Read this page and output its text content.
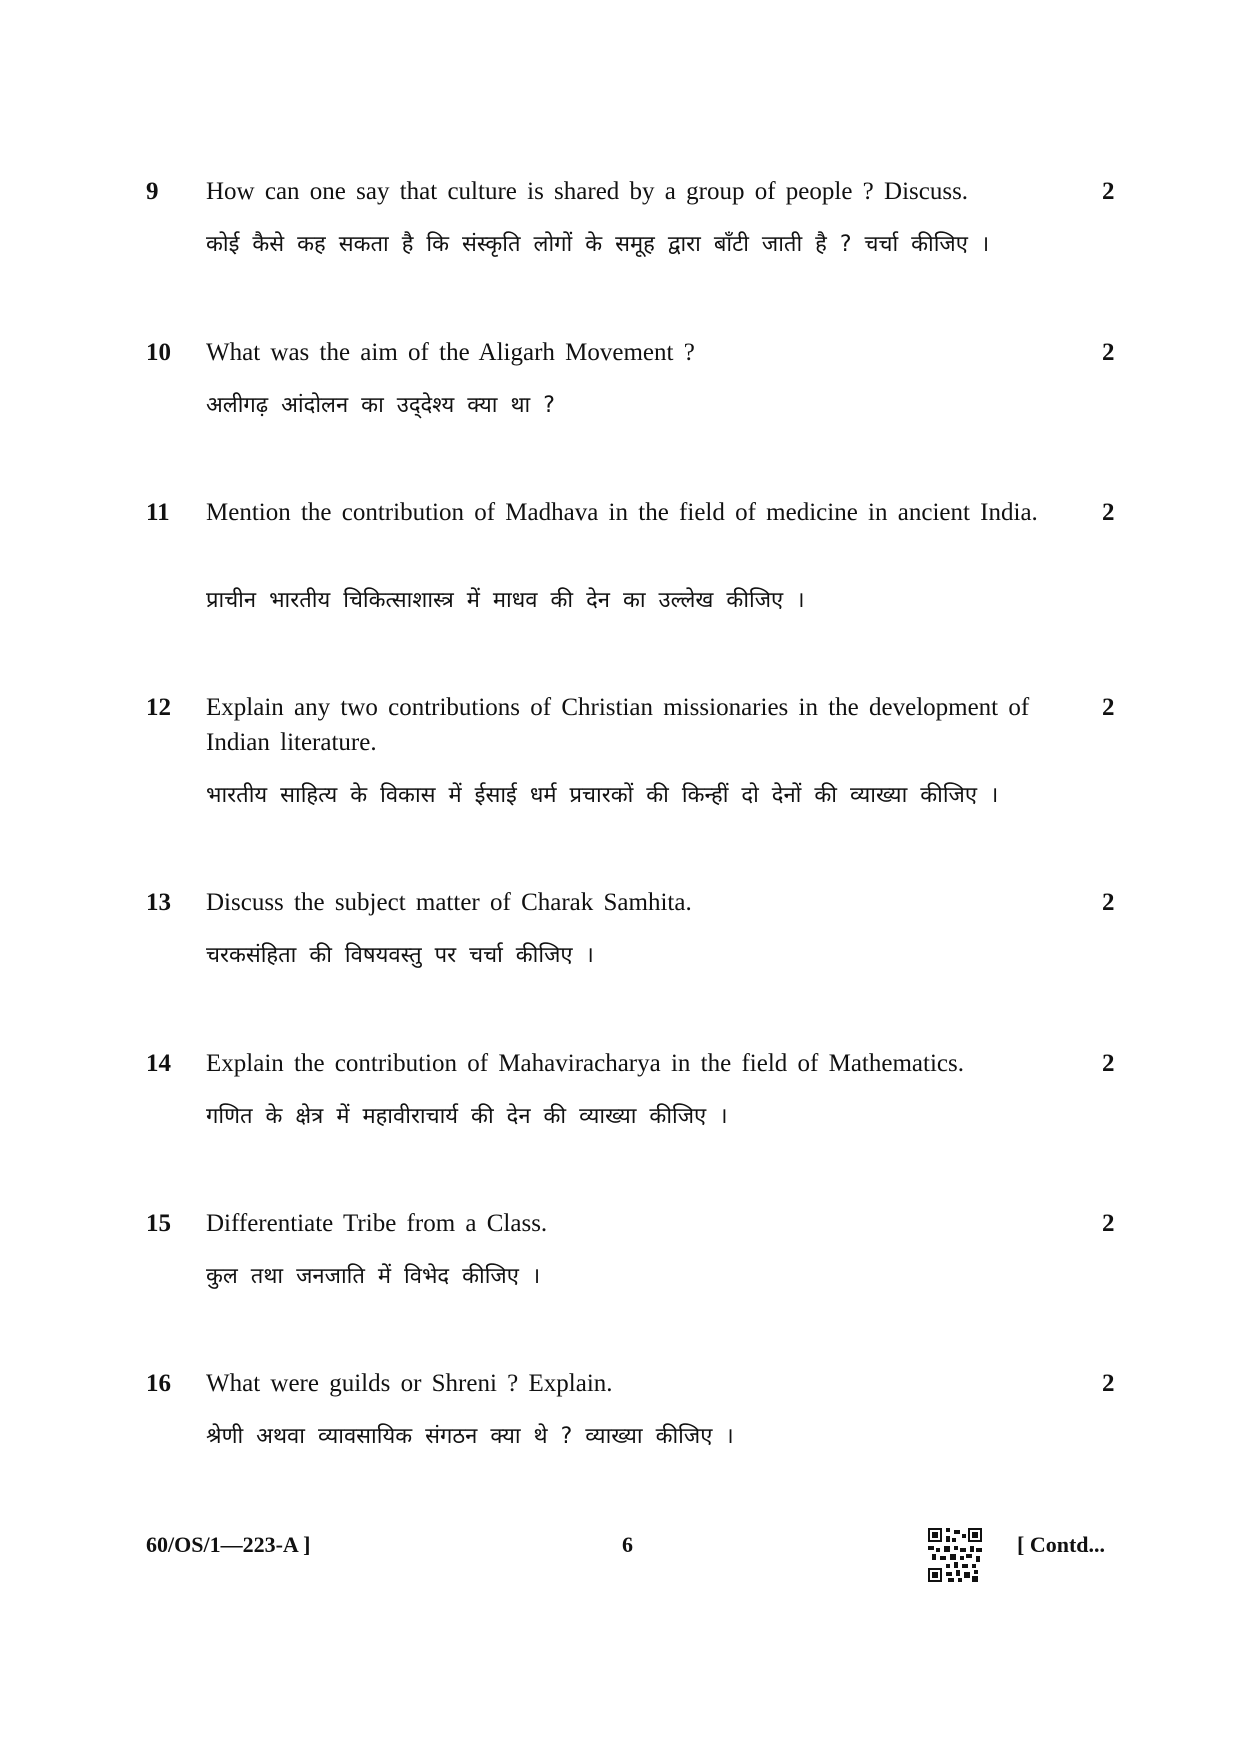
9 How can one say that culture is shared by a group of people ? Discuss.	2
कोई कैसे कह सकता है कि संस्कृति लोगों के समूह द्वारा बाँटी जाती है ? चर्चा कीजिए ।
10 What was the aim of the Aligarh Movement ?	2
अलीगढ़ आंदोलन का उद्‌देश्य क्या था ?
11 Mention the contribution of Madhava in the field of medicine in ancient India.	2
प्राचीन भारतीय चिकित्साशास्त्र में माधव की देन का उल्लेख कीजिए ।
12 Explain any two contributions of Christian missionaries in the development of Indian literature.
2
भारतीय साहित्य के विकास में ईसाई धर्म प्रचारकों की किन्हीं दो देनों की व्याख्या कीजिए ।
13 Discuss the subject matter of Charak Samhita.	2
चरकसंहिता की विषयवस्तु पर चर्चा कीजिए ।
14 Explain the contribution of Mahaviracharya in the field of Mathematics.	2
गणित के क्षेत्र में महावीराचार्य की देन की व्याख्या कीजिए ।
15 Differentiate Tribe from a Class.	2
कुल तथा जनजाति में विभेद कीजिए ।
16 What were guilds or Shreni ? Explain.	2
श्रेणी अथवा व्यावसायिक संगठन क्या थे ? व्याख्या कीजिए ।
60/OS/1—223-A ]	6	[ Contd...
